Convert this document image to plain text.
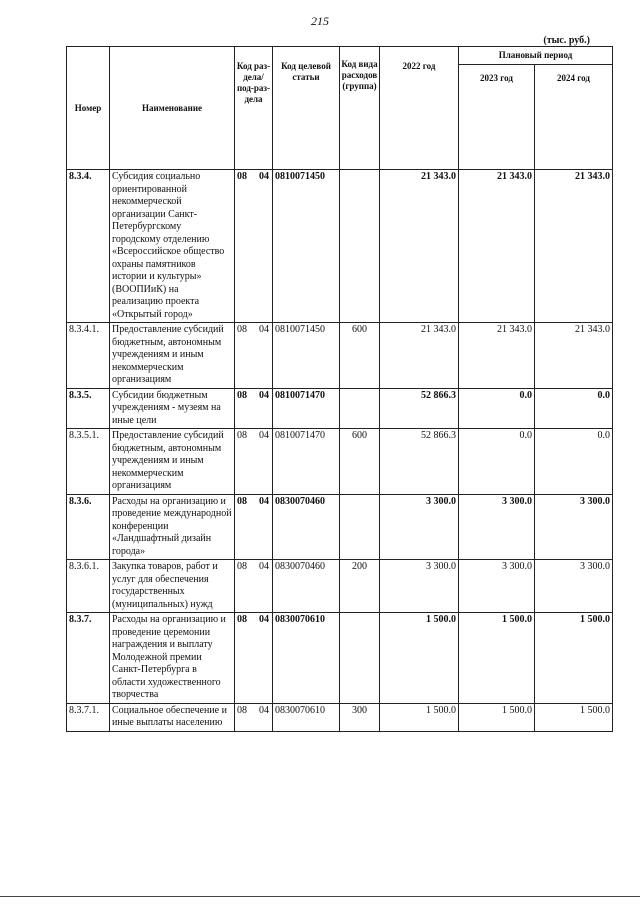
215
(тыс. руб.)
Номер	Наименование	Код раз-дела/ под-раз-дела	Код целевой статьи	Код вида расходов (группа)	2022 год	Плановый период	
						2023 год	2024 год
8.3.4.	Субсидия социально ориентированной некоммерческой организации Санкт-Петербургскому городскому отделению «Всероссийское общество охраны памятников истории и культуры» (ВООПИиК) на реализацию проекта «Открытый город»	08 04	0810071450		21 343.0	21 343.0	21 343.0
8.3.4.1.	Предоставление субсидий бюджетным, автономным учреждениям и иным некоммерческим организациям	08 04	0810071450	600	21 343.0	21 343.0	21 343.0
8.3.5.	Субсидии бюджетным учреждениям - музеям на иные цели	08 04	0810071470		52 866.3	0.0	0.0
8.3.5.1.	Предоставление субсидий бюджетным, автономным учреждениям и иным некоммерческим организациям	08 04	0810071470	600	52 866.3	0.0	0.0
8.3.6.	Расходы на организацию и проведение международной конференции «Ландшафтный дизайн города»	08 04	0830070460		3 300.0	3 300.0	3 300.0
8.3.6.1.	Закупка товаров, работ и услуг для обеспечения государственных (муниципальных) нужд	08 04	0830070460	200	3 300.0	3 300.0	3 300.0
8.3.7.	Расходы на организацию и проведение церемонии награждения и выплату Молодежной премии Санкт-Петербурга в области художественного творчества	08 04	0830070610		1 500.0	1 500.0	1 500.0
8.3.7.1.	Социальное обеспечение и иные выплаты населению	08 04	0830070610	300	1 500.0	1 500.0	1 500.0
